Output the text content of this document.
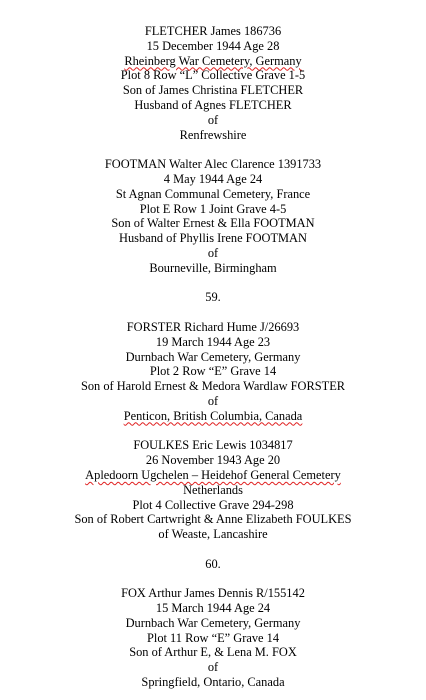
FLETCHER James 186736
15 December 1944 Age 28
Rheinberg War Cemetery, Germany
Plot 8 Row “L” Collective Grave 1-5
Son of James Christina FLETCHER
Husband of Agnes FLETCHER
of
Renfrewshire
FOOTMAN Walter Alec Clarence 1391733
4 May 1944 Age 24
St Agnan Communal Cemetery, France
Plot E Row 1 Joint Grave 4-5
Son of Walter Ernest & Ella FOOTMAN
Husband of Phyllis Irene FOOTMAN
of
Bourneville, Birmingham
59.
FORSTER Richard Hume J/26693
19 March 1944 Age 23
Durnbach War Cemetery, Germany
Plot 2 Row “E” Grave 14
Son of Harold Ernest & Medora Wardlaw FORSTER
of
Penticon, British Columbia, Canada
FOULKES Eric Lewis 1034817
26 November 1943 Age 20
Apledoorn Ugchelen – Heidehof General Cemetery
Netherlands
Plot 4 Collective Grave 294-298
Son of Robert Cartwright & Anne Elizabeth FOULKES
of Weaste, Lancashire
60.
FOX Arthur James Dennis R/155142
15 March 1944 Age 24
Durnbach War Cemetery, Germany
Plot 11 Row “E” Grave 14
Son of Arthur E, & Lena M. FOX
of
Springfield, Ontario, Canada
